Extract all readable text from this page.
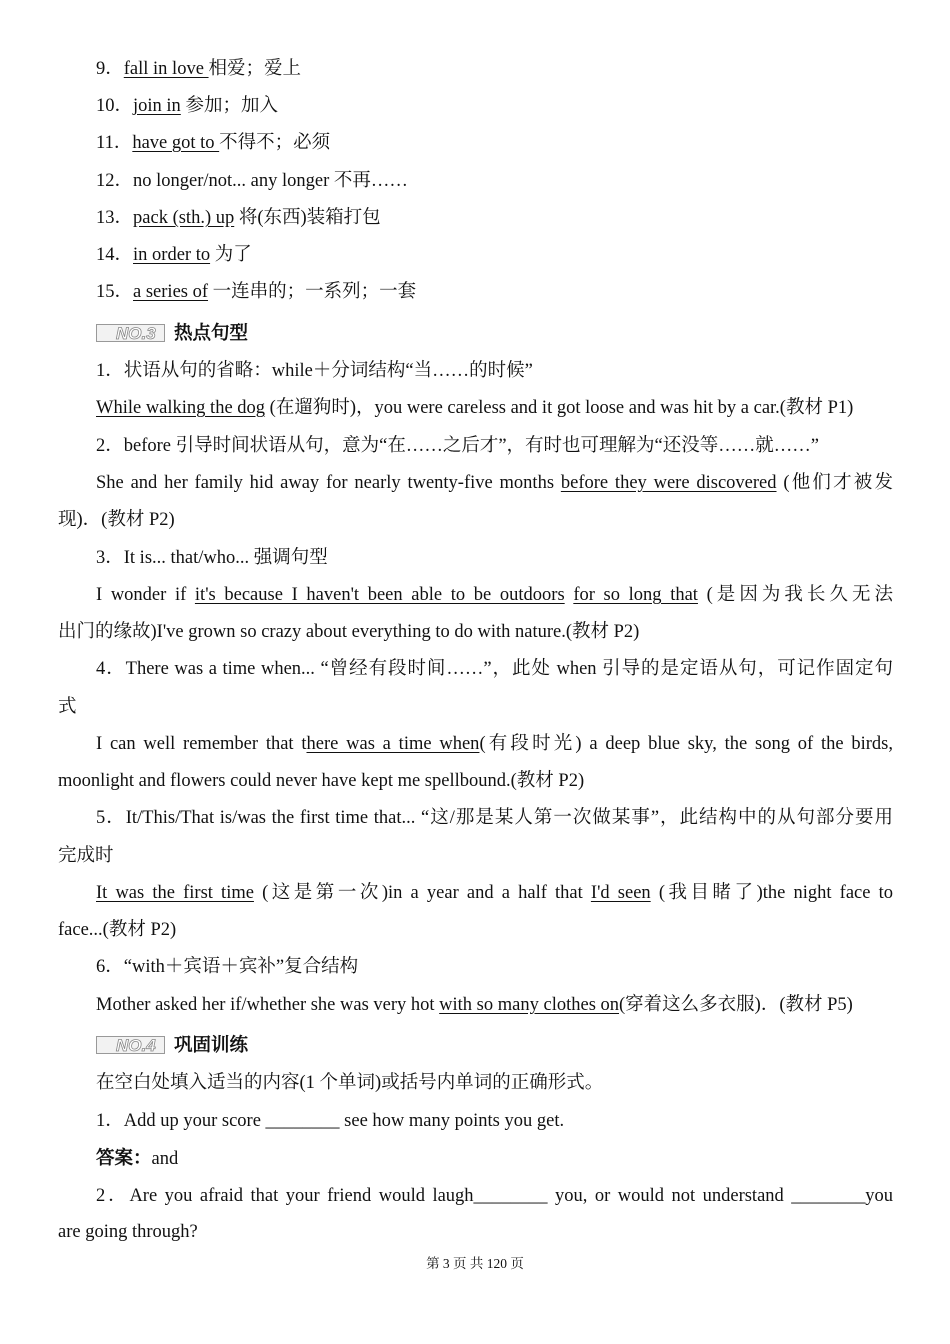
9．fall in love 相爱；爱上
10．join in 参加；加入
11．have got to 不得不；必须
12．no longer/not... any longer 不再……
13．pack (sth.) up 将(东西)装箱打包
14．in order to 为了
15．a series of 一连串的；一系列；一套
NO.3 热点句型
1．状语从句的省略：while＋分词结构“当……的时候”
While walking the dog (在遛狗时)，you were careless and it got loose and was hit by a car.(教材 P1)
2．before 引导时间状语从句，意为“在……之后才”，有时也可理解为“还没等……就……”
She and her family hid away for nearly twenty-five months before they were discovered (他们才被发
现)．(教材 P2)
3．It is... that/who... 强调句型
I wonder if it's because I haven't been able to be outdoors for so long that (是因为我长久无法
出门的缘故)I've grown so crazy about everything to do with nature.(教材 P2)
4．There was a time when... “曾经有段时间……”，此处 when 引导的是定语从句，可记作固定句
式
I can well remember that there was a time when(有段时光) a deep blue sky, the song of the birds,
moonlight and flowers could never have kept me spellbound.(教材 P2)
5．It/This/That is/was the first time that... “这/那是某人第一次做某事”，此结构中的从句部分要用
完成时
It was the first time (这是第一次)in a year and a half that I'd seen (我目睹了)the night face to
face...(教材 P2)
6．“with＋宾语＋宾补”复合结构
Mother asked her if/whether she was very hot with so many clothes on(穿着这么多衣服)．(教材 P5)
NO.4 巩固训练
在空白处填入适当的内容(1 个单词)或括号内单词的正确形式。
1．Add up your score ________ see how many points you get.
答案：and
2．Are you afraid that your friend would laugh________ you, or would not understand ________you
are going through?
第 3 页 共 120 页
